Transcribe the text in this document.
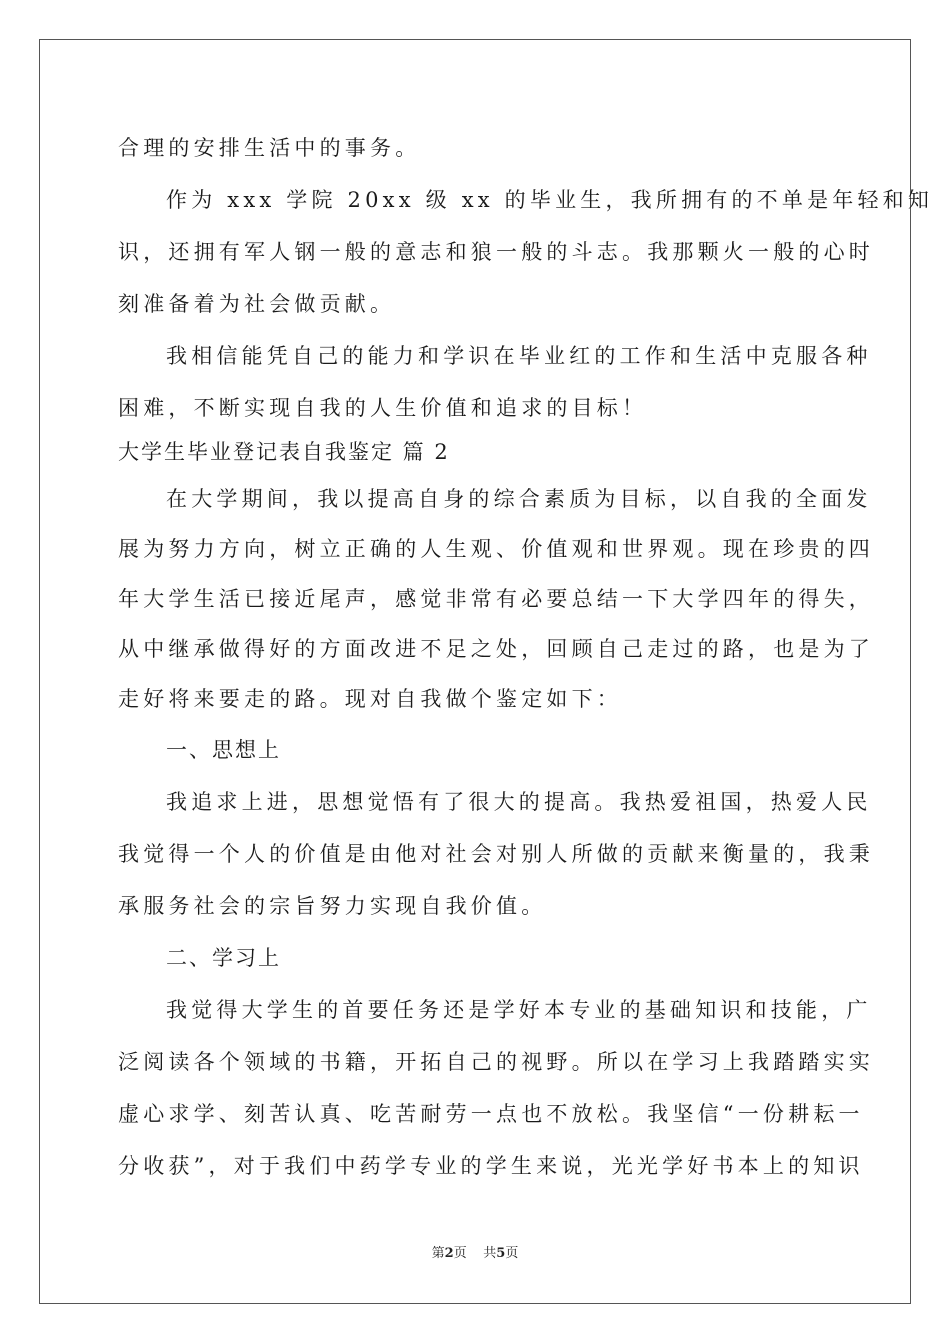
合理的安排生活中的事务。
作为 xxx 学院 20xx 级 xx 的毕业生，我所拥有的不单是年轻和知
识，还拥有军人钢一般的意志和狼一般的斗志。我那颗火一般的心时
刻准备着为社会做贡献。
我相信能凭自己的能力和学识在毕业红的工作和生活中克服各种
困难，不断实现自我的人生价值和追求的目标！
大学生毕业登记表自我鉴定 篇 2
在大学期间，我以提高自身的综合素质为目标，以自我的全面发
展为努力方向，树立正确的人生观、价值观和世界观。现在珍贵的四
年大学生活已接近尾声，感觉非常有必要总结一下大学四年的得失，
从中继承做得好的方面改进不足之处，回顾自己走过的路，也是为了
走好将来要走的路。现对自我做个鉴定如下：
一、思想上
我追求上进，思想觉悟有了很大的提高。我热爱祖国，热爱人民
我觉得一个人的价值是由他对社会对别人所做的贡献来衡量的，我秉
承服务社会的宗旨努力实现自我价值。
二、学习上
我觉得大学生的首要任务还是学好本专业的基础知识和技能，广
泛阅读各个领域的书籍，开拓自己的视野。所以在学习上我踏踏实实
虚心求学、刻苦认真、吃苦耐劳一点也不放松。我坚信“一份耕耘一
分收获”，对于我们中药学专业的学生来说，光光学好书本上的知识
第2页 共5页
